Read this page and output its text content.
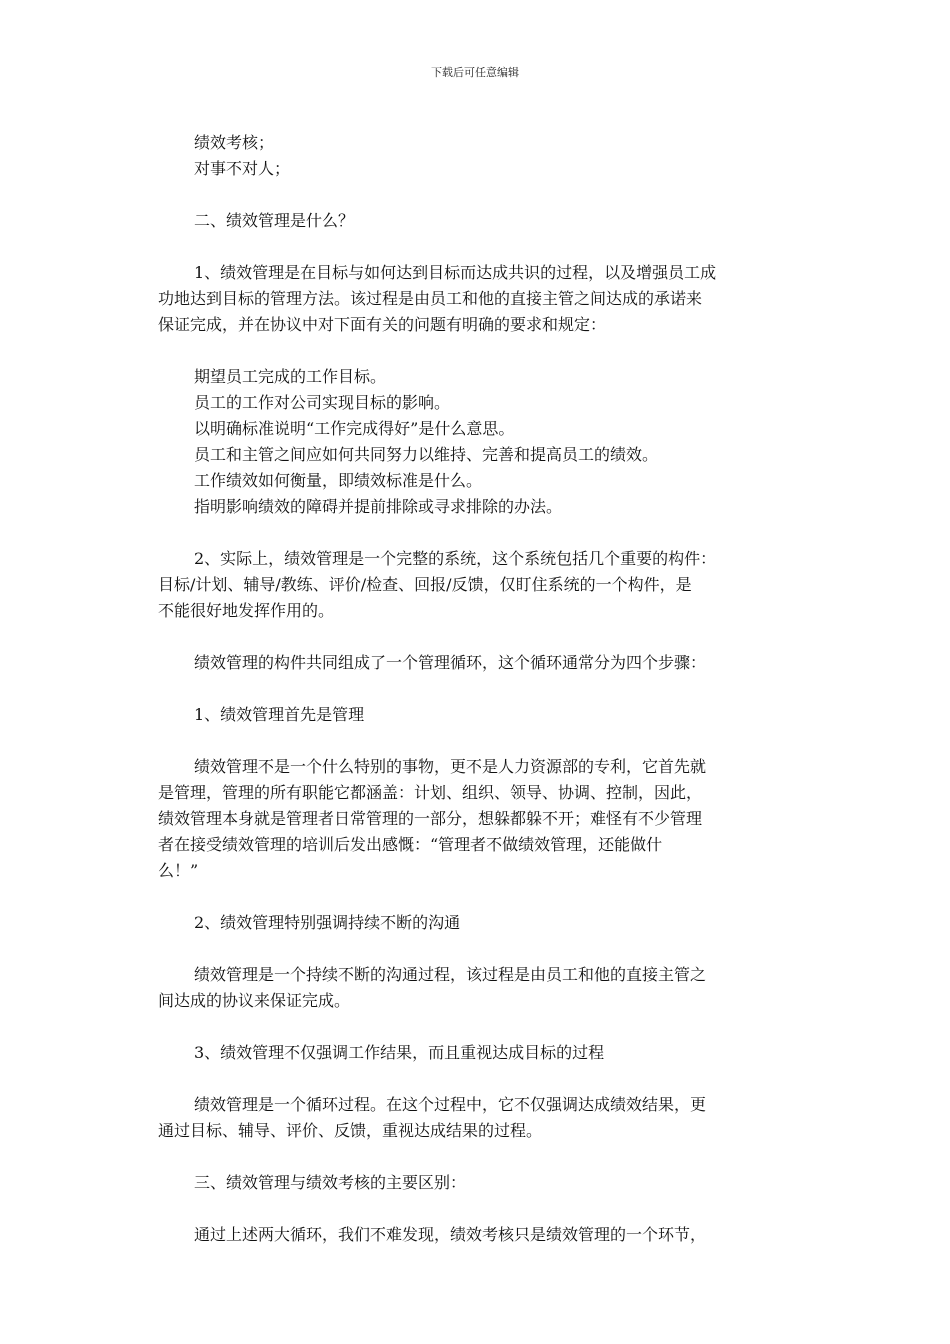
下载后可任意编辑
绩效考核；
对事不对人；
二、绩效管理是什么？
1、绩效管理是在目标与如何达到目标而达成共识的过程，以及增强员工成
功地达到目标的管理方法。该过程是由员工和他的直接主管之间达成的承诺来
保证完成，并在协议中对下面有关的问题有明确的要求和规定：
期望员工完成的工作目标。
员工的工作对公司实现目标的影响。
以明确标准说明“工作完成得好”是什么意思。
员工和主管之间应如何共同努力以维持、完善和提高员工的绩效。
工作绩效如何衡量，即绩效标准是什么。
指明影响绩效的障碍并提前排除或寻求排除的办法。
2、实际上，绩效管理是一个完整的系统，这个系统包括几个重要的构件：
目标/计划、辅导/教练、评价/检查、回报/反馈，仅盯住系统的一个构件，是
不能很好地发挥作用的。
绩效管理的构件共同组成了一个管理循环，这个循环通常分为四个步骤：
1、绩效管理首先是管理
绩效管理不是一个什么特别的事物，更不是人力资源部的专利，它首先就
是管理，管理的所有职能它都涵盖：计划、组织、领导、协调、控制，因此，
绩效管理本身就是管理者日常管理的一部分，想躲都躲不开；难怪有不少管理
者在接受绩效管理的培训后发出感慨：“管理者不做绩效管理，还能做什
么！”
2、绩效管理特别强调持续不断的沟通
绩效管理是一个持续不断的沟通过程，该过程是由员工和他的直接主管之
间达成的协议来保证完成。
3、绩效管理不仅强调工作结果，而且重视达成目标的过程
绩效管理是一个循环过程。在这个过程中，它不仅强调达成绩效结果，更
通过目标、辅导、评价、反馈，重视达成结果的过程。
三、绩效管理与绩效考核的主要区别：
通过上述两大循环，我们不难发现，绩效考核只是绩效管理的一个环节，
